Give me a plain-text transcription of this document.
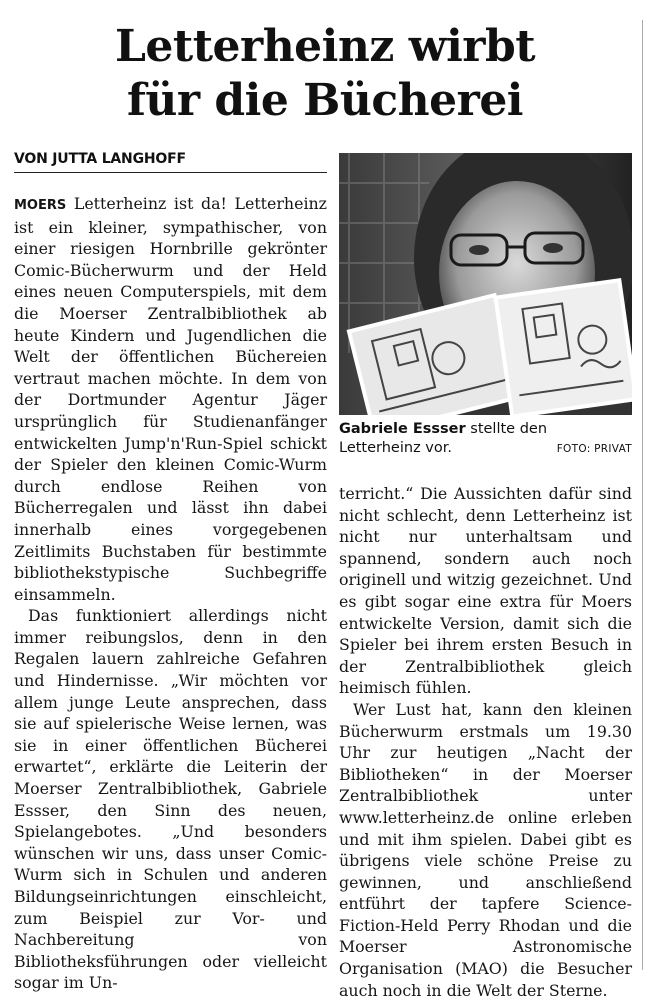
Letterheinz wirbt
für die Bücherei
VON JUTTA LANGHOFF

MOERS Letterheinz ist da! Letterheinz ist ein kleiner, sympathischer, von einer riesigen Hornbrille gekrönter Comic-Bücherwurm und der Held eines neuen Computerspiels, mit dem die Moerser Zentralbibliothek ab heute Kindern und Jugendlichen die Welt der öffentlichen Büchereien vertraut machen möchte. In dem von der Dortmunder Agentur Jäger ursprünglich für Studienanfänger entwickelten Jump'n'Run-Spiel schickt der Spieler den kleinen Comic-Wurm durch endlose Reihen von Bücherregalen und lässt ihn dabei innerhalb eines vorgegebenen Zeitlimits Buchstaben für bestimmte bibliothekstypische Suchbegriffe einsammeln.

Das funktioniert allerdings nicht immer reibungslos, denn in den Regalen lauern zahlreiche Gefahren und Hindernisse. „Wir möchten vor allem junge Leute ansprechen, dass sie auf spielerische Weise lernen, was sie in einer öffentlichen Bücherei erwartet“, erklärte die Leiterin der Moerser Zentralbibliothek, Gabriele Essser, den Sinn des neuen, Spielangebotes. „Und besonders wünschen wir uns, dass unser Comic-Wurm sich in Schulen und anderen Bildungseinrichtungen einschleicht, zum Beispiel zur Vor- und Nachbereitung von Bibliotheksführungen oder vielleicht sogar im Un-

Gabriele Essser stellte den Letterheinz vor.	FOTO: PRIVAT

terricht.“ Die Aussichten dafür sind nicht schlecht, denn Letterheinz ist nicht nur unterhaltsam und spannend, sondern auch noch originell und witzig gezeichnet. Und es gibt sogar eine extra für Moers entwickelte Version, damit sich die Spieler bei ihrem ersten Besuch in der Zentralbibliothek gleich heimisch fühlen.

Wer Lust hat, kann den kleinen Bücherwurm erstmals um 19.30 Uhr zur heutigen „Nacht der Bibliotheken“ in der Moerser Zentralbibliothek unter www.letterheinz.de online erleben und mit ihm spielen. Dabei gibt es übrigens viele schöne Preise zu gewinnen, und anschließend entführt der tapfere Science-Fiction-Held Perry Rhodan und die Moerser Astronomische Organisation (MAO) die Besucher auch noch in die Welt der Sterne.
